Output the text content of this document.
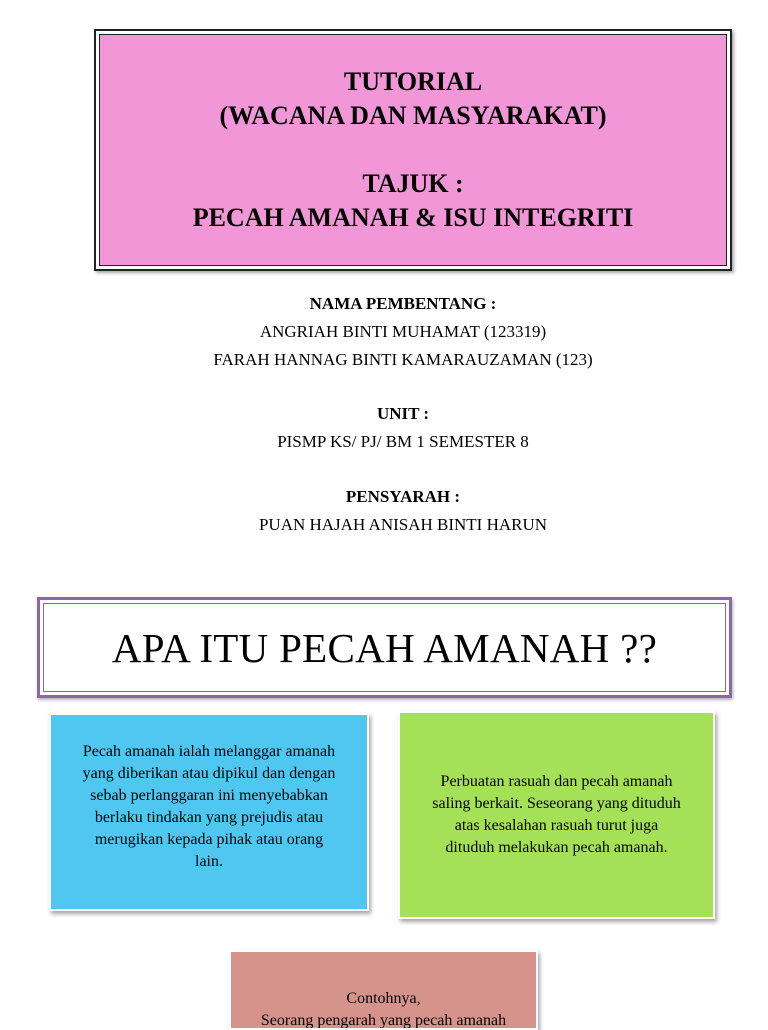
TUTORIAL
(WACANA DAN MASYARAKAT)
TAJUK :
PECAH AMANAH & ISU INTEGRITI
NAMA PEMBENTANG :
ANGRIAH BINTI MUHAMAT (123319)
FARAH HANNAG BINTI KAMARAUZAMAN (123)
UNIT :
PISMP KS/ PJ/ BM 1 SEMESTER 8
PENSYARAH :
PUAN HAJAH ANISAH BINTI HARUN
APA ITU PECAH AMANAH ??
Pecah amanah ialah melanggar amanah
yang diberikan atau dipikul dan dengan
sebab perlanggaran ini menyebabkan
berlaku tindakan yang prejudis atau
merugikan kepada pihak atau orang
lain.
Perbuatan rasuah dan pecah amanah
saling berkait. Seseorang yang dituduh
atas kesalahan rasuah turut juga
dituduh melakukan pecah amanah.
Contohnya,
Seorang pengarah yang pecah amanah
